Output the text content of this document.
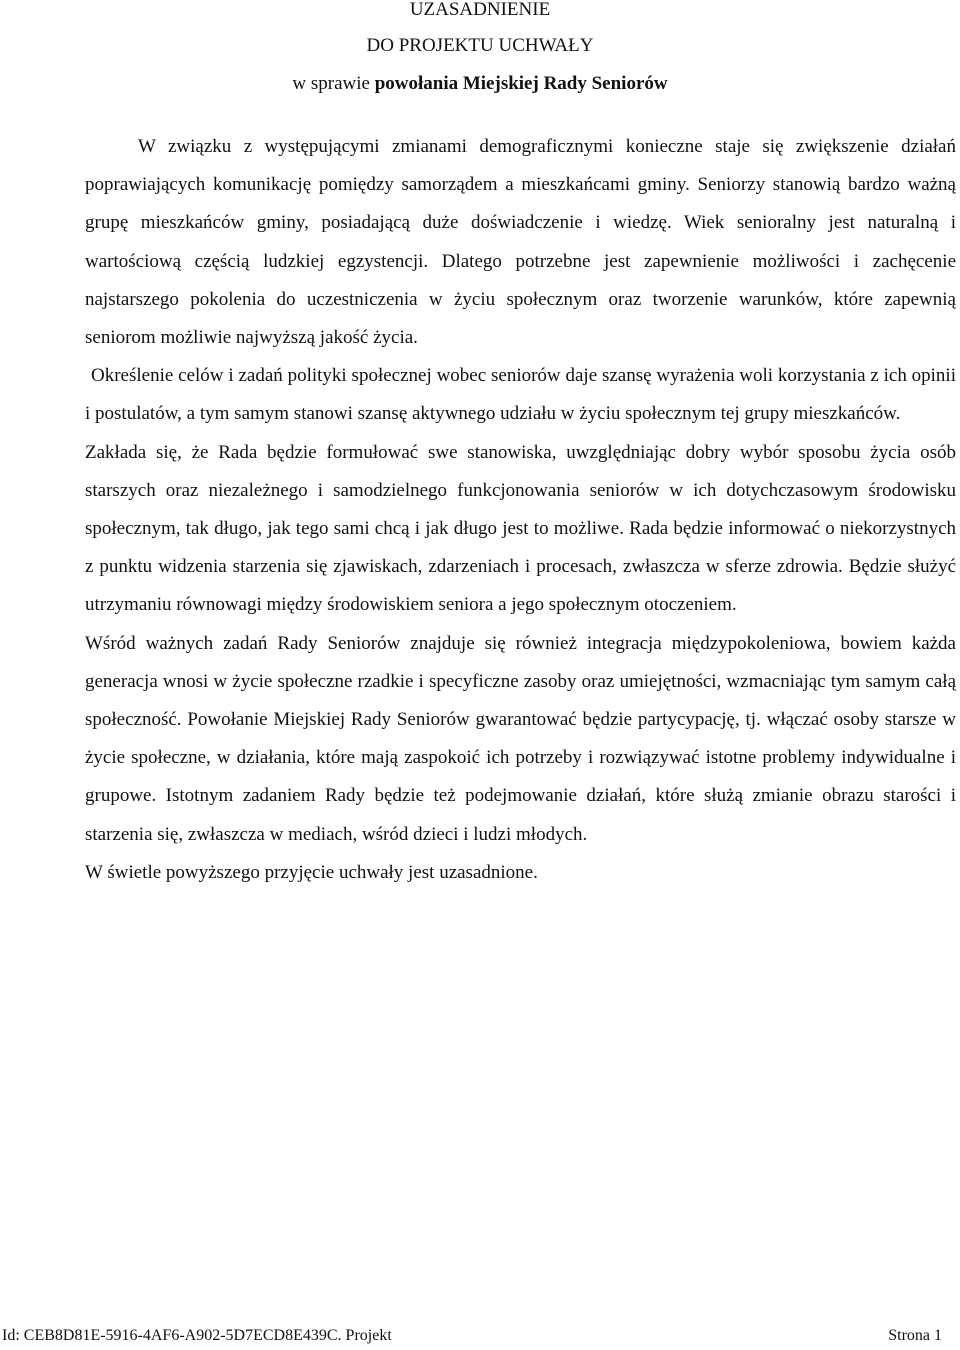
UZASADNIENIE
DO PROJEKTU UCHWAŁY
w sprawie powołania Miejskiej Rady Seniorów

W związku z występującymi zmianami demograficznymi konieczne staje się zwiększenie działań poprawiających komunikację pomiędzy samorządem a mieszkańcami gminy. Seniorzy stanowią bardzo ważną grupę mieszkańców gminy, posiadającą duże doświadczenie i wiedzę. Wiek senioralny jest naturalną i wartościową częścią ludzkiej egzystencji. Dlatego potrzebne jest zapewnienie możliwości i zachęcenie najstarszego pokolenia do uczestniczenia w życiu społecznym oraz tworzenie warunków, które zapewnią seniorom możliwie najwyższą jakość życia.

Określenie celów i zadań polityki społecznej wobec seniorów daje szansę wyrażenia woli korzystania z ich opinii i postulatów, a tym samym stanowi szansę aktywnego udziału w życiu społecznym tej grupy mieszkańców.

Zakłada się, że Rada będzie formułować swe stanowiska, uwzględniając dobry wybór sposobu życia osób starszych oraz niezależnego i samodzielnego funkcjonowania seniorów w ich dotychczasowym środowisku społecznym, tak długo, jak tego sami chcą i jak długo jest to możliwe. Rada będzie informować o niekorzystnych z punktu widzenia starzenia się zjawiskach, zdarzeniach i procesach, zwłaszcza w sferze zdrowia. Będzie służyć utrzymaniu równowagi między środowiskiem seniora a jego społecznym otoczeniem.

Wśród ważnych zadań Rady Seniorów znajduje się również integracja międzypokoleniowa, bowiem każda generacja wnosi w życie społeczne rzadkie i specyficzne zasoby oraz umiejętności, wzmacniając tym samym całą społeczność. Powołanie Miejskiej Rady Seniorów gwarantować będzie partycypację, tj. włączać osoby starsze w życie społeczne, w działania, które mają zaspokoić ich potrzeby i rozwiązywać istotne problemy indywidualne i grupowe. Istotnym zadaniem Rady będzie też podejmowanie działań, które służą zmianie obrazu starości i starzenia się, zwłaszcza w mediach, wśród dzieci i ludzi młodych.

W świetle powyższego przyjęcie uchwały jest uzasadnione.

Id: CEB8D81E-5916-4AF6-A902-5D7ECD8E439C. Projekt	Strona 1
